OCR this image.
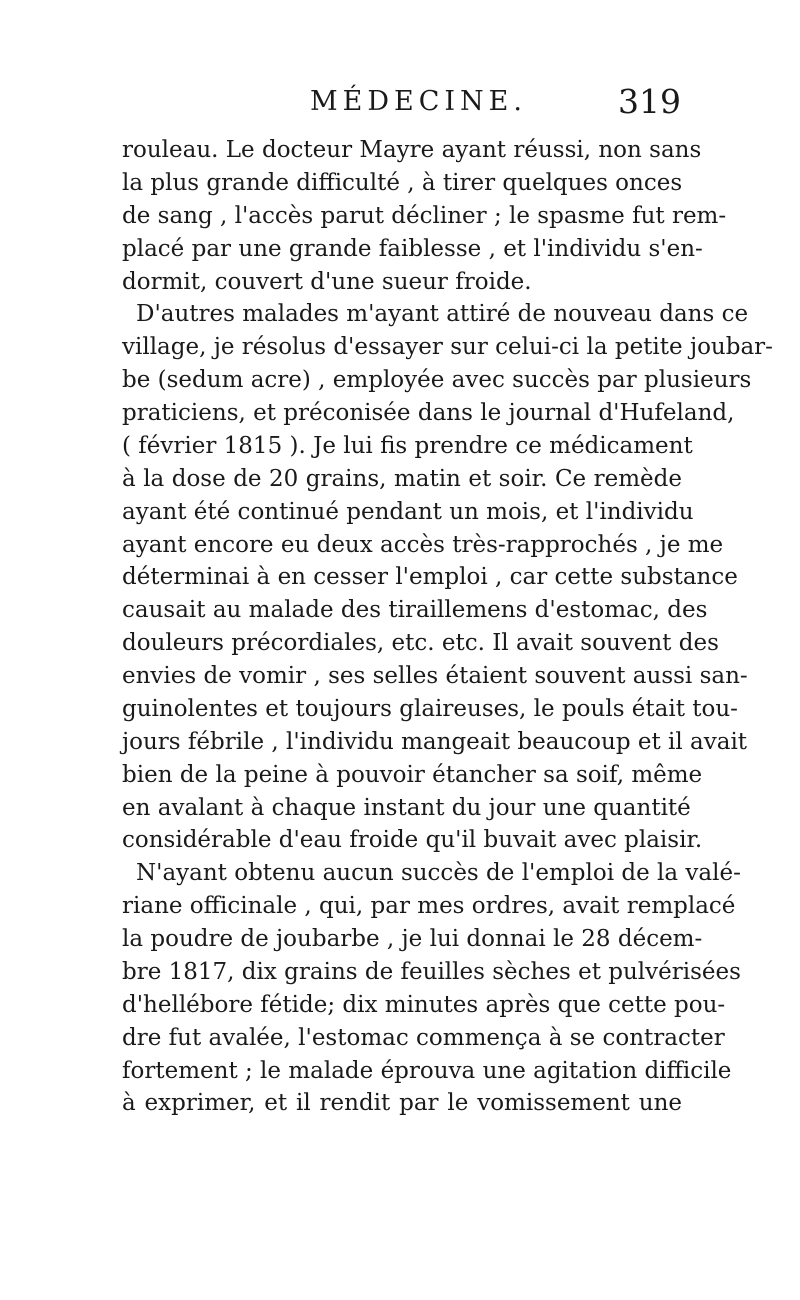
MÉDECINE.	319
rouleau. Le docteur Mayre ayant réussi, non sans
la plus grande difficulté , à tirer quelques onces
de sang , l'accès parut décliner ; le spasme fut rem-
placé par une grande faiblesse , et l'individu s'en-
dormit, couvert d'une sueur froide.
D'autres malades m'ayant attiré de nouveau dans ce
village, je résolus d'essayer sur celui-ci la petite joubar-
be (sedum acre) , employée avec succès par plusieurs
praticiens, et préconisée dans le journal d'Hufeland,
( février 1815 ). Je lui fis prendre ce médicament
à la dose de 20 grains, matin et soir. Ce remède
ayant été continué pendant un mois, et l'individu
ayant encore eu deux accès très-rapprochés , je me
déterminai à en cesser l'emploi , car cette substance
causait au malade des tiraillemens d'estomac, des
douleurs précordiales, etc. etc. Il avait souvent des
envies de vomir , ses selles étaient souvent aussi san-
guinolentes et toujours glaireuses, le pouls était tou-
jours fébrile , l'individu mangeait beaucoup et il avait
bien de la peine à pouvoir étancher sa soif, même
en avalant à chaque instant du jour une quantité
considérable d'eau froide qu'il buvait avec plaisir.
N'ayant obtenu aucun succès de l'emploi de la valé-
riane officinale , qui, par mes ordres, avait remplacé
la poudre de joubarbe , je lui donnai le 28 décem-
bre 1817, dix grains de feuilles sèches et pulvérisées
d'hellébore fétide; dix minutes après que cette pou-
dre fut avalée, l'estomac commença à se contracter
fortement ; le malade éprouva une agitation difficile
à exprimer, et il rendit par le vomissement une
